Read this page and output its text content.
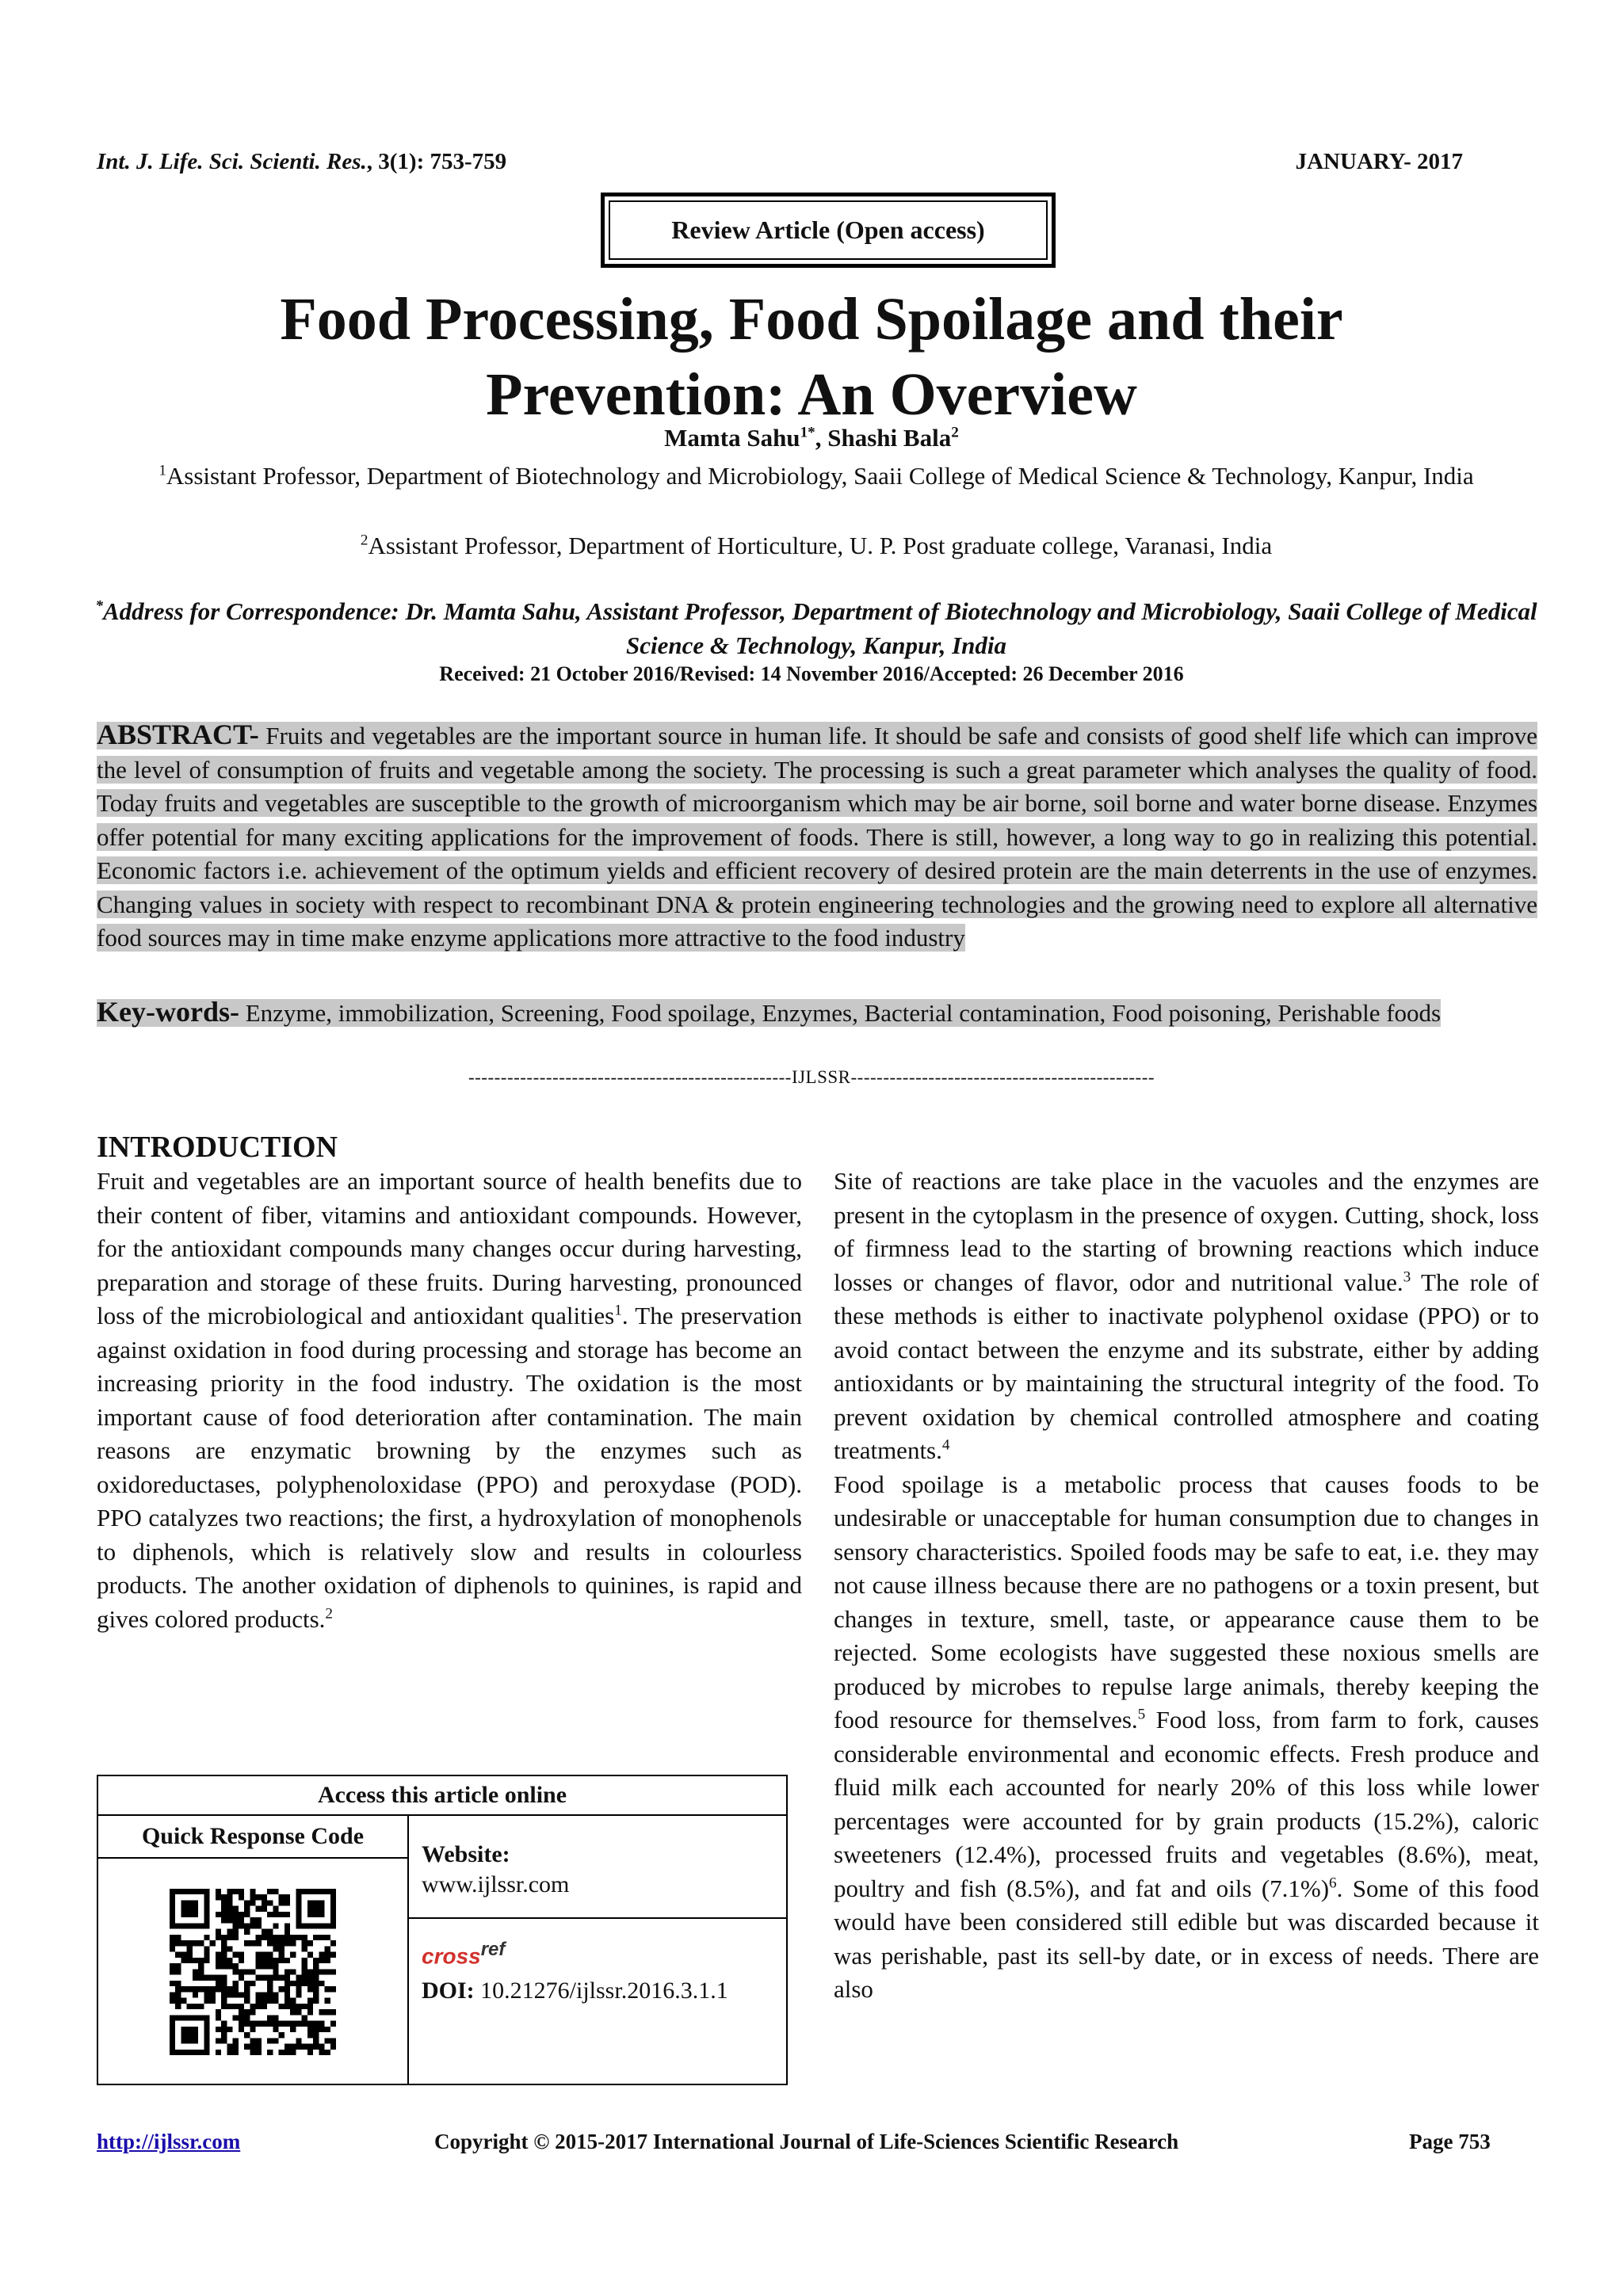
Int. J. Life. Sci. Scienti. Res., 3(1): 753-759	JANUARY- 2017
Review Article (Open access)
Food Processing, Food Spoilage and their
Prevention: An Overview
Mamta Sahu$^{1*}$, Shashi Bala$^2$
$^1$Assistant Professor, Department of Biotechnology and Microbiology, Saaii College of Medical Science & Technology, Kanpur, India
$^2$Assistant Professor, Department of Horticulture, U. P. Post graduate college, Varanasi, India
*Address for Correspondence: Dr. Mamta Sahu, Assistant Professor, Department of Biotechnology and Microbiology, Saaii College of Medical Science & Technology, Kanpur, India
Received: 21 October 2016/Revised: 14 November 2016/Accepted: 26 December 2016
ABSTRACT- Fruits and vegetables are the important source in human life. It should be safe and consists of good shelf life which can improve the level of consumption of fruits and vegetable among the society. The processing is such a great parameter which analyses the quality of food. Today fruits and vegetables are susceptible to the growth of microorganism which may be air borne, soil borne and water borne disease. Enzymes offer potential for many exciting applications for the improvement of foods. There is still, however, a long way to go in realizing this potential. Economic factors i.e. achievement of the optimum yields and efficient recovery of desired protein are the main deterrents in the use of enzymes. Changing values in society with respect to recombinant DNA & protein engineering technologies and the growing need to explore all alternative food sources may in time make enzyme applications more attractive to the food industry
Key-words- Enzyme, immobilization, Screening, Food spoilage, Enzymes, Bacterial contamination, Food poisoning, Perishable foods
--------------------------------------------------IJLSSR-----------------------------------------------
INTRODUCTION

Fruit and vegetables are an important source of health benefits due to their content of fiber, vitamins and antioxidant compounds. However, for the antioxidant compounds many changes occur during harvesting, preparation and storage of these fruits. During harvesting, pronounced loss of the microbiological and antioxidant qualities$^1$. The preservation against oxidation in food during processing and storage has become an increasing priority in the food industry. The oxidation is the most important cause of food deterioration after contamination. The main reasons are enzymatic browning by the enzymes such as oxidoreductases, polyphenoloxidase (PPO) and peroxydase (POD). PPO catalyzes two reactions; the first, a hydroxylation of monophenols to diphenols, which is relatively slow and results in colourless products. The another oxidation of diphenols to quinines, is rapid and gives colored products.$^2$

Access this article online
Quick Response Code
Website:
www.ijlssr.com
crossref
DOI: 10.21276/ijlssr.2016.3.1.1

Site of reactions are take place in the vacuoles and the enzymes are present in the cytoplasm in the presence of oxygen. Cutting, shock, loss of firmness lead to the starting of browning reactions which induce losses or changes of flavor, odor and nutritional value.$^3$ The role of these methods is either to inactivate polyphenol oxidase (PPO) or to avoid contact between the enzyme and its substrate, either by adding antioxidants or by maintaining the structural integrity of the food. To prevent oxidation by chemical controlled atmosphere and coating treatments.$^4$

Food spoilage is a metabolic process that causes foods to be undesirable or unacceptable for human consumption due to changes in sensory characteristics. Spoiled foods may be safe to eat, i.e. they may not cause illness because there are no pathogens or a toxin present, but changes in texture, smell, taste, or appearance cause them to be rejected. Some ecologists have suggested these noxious smells are produced by microbes to repulse large animals, thereby keeping the food resource for themselves.$^5$ Food loss, from farm to fork, causes considerable environmental and economic effects. Fresh produce and fluid milk each accounted for nearly 20% of this loss while lower percentages were accounted for by grain products (15.2%), caloric sweeteners (12.4%), processed fruits and vegetables (8.6%), meat, poultry and fish (8.5%), and fat and oils $(7.1\%)^6$. Some of this food would have been considered still edible but was discarded because it was perishable, past its sell-by date, or in excess of needs. There are also

http://ijlssr.com	Copyright © 2015-2017 International Journal of Life-Sciences Scientific Research	Page 753
